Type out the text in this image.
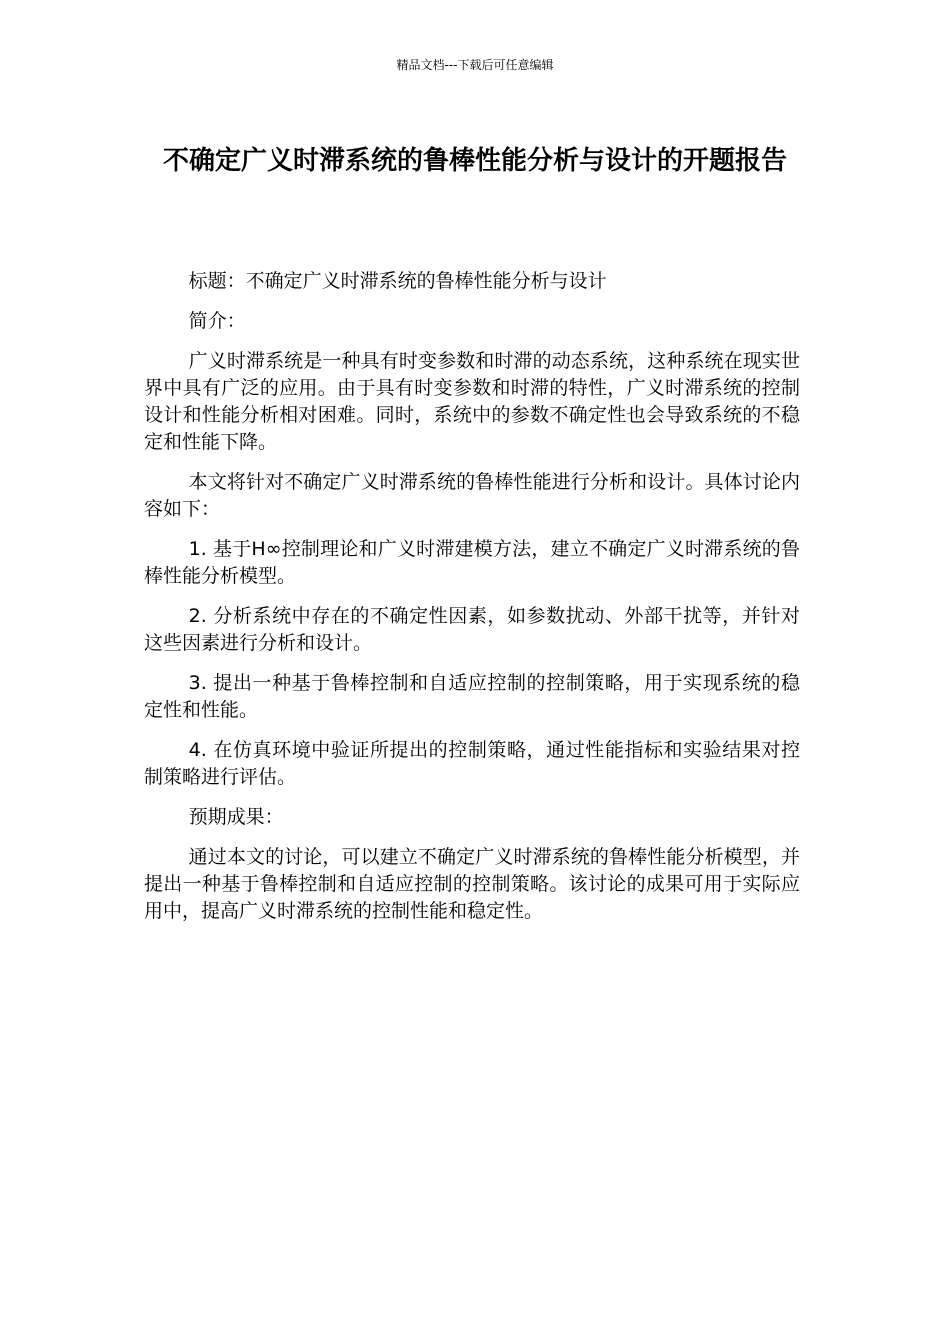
精品文档---下载后可任意编辑
不确定广义时滞系统的鲁棒性能分析与设计的开题报告

标题：不确定广义时滞系统的鲁棒性能分析与设计

简介：

广义时滞系统是一种具有时变参数和时滞的动态系统，这种系统在现实世界中具有广泛的应用。由于具有时变参数和时滞的特性，广义时滞系统的控制设计和性能分析相对困难。同时，系统中的参数不确定性也会导致系统的不稳定和性能下降。

本文将针对不确定广义时滞系统的鲁棒性能进行分析和设计。具体讨论内容如下：

1. 基于H∞控制理论和广义时滞建模方法，建立不确定广义时滞系统的鲁棒性能分析模型。

2. 分析系统中存在的不确定性因素，如参数扰动、外部干扰等，并针对这些因素进行分析和设计。

3. 提出一种基于鲁棒控制和自适应控制的控制策略，用于实现系统的稳定性和性能。

4. 在仿真环境中验证所提出的控制策略，通过性能指标和实验结果对控制策略进行评估。

预期成果：

通过本文的讨论，可以建立不确定广义时滞系统的鲁棒性能分析模型，并提出一种基于鲁棒控制和自适应控制的控制策略。该讨论的成果可用于实际应用中，提高广义时滞系统的控制性能和稳定性。
